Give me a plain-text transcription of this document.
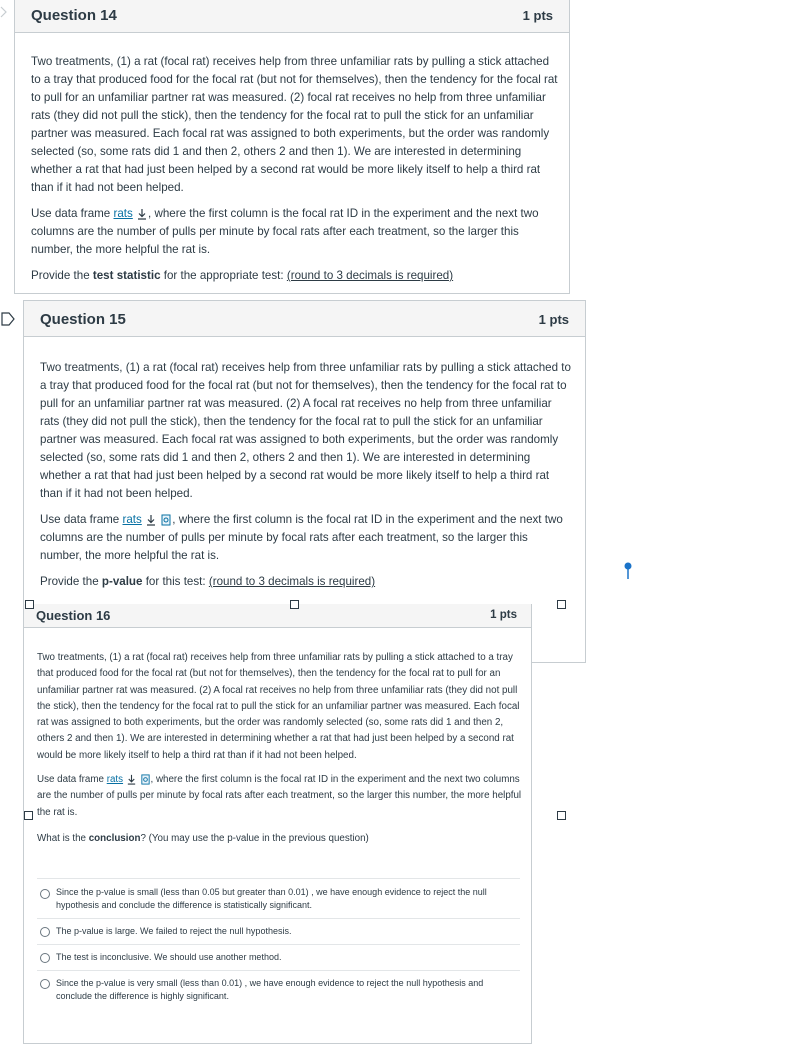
Question 14	1 pts

Two treatments, (1) a rat (focal rat) receives help from three unfamiliar rats by pulling a stick attached to a tray that produced food for the focal rat (but not for themselves), then the tendency for the focal rat to pull for an unfamiliar partner rat was measured. (2) focal rat receives no help from three unfamiliar rats (they did not pull the stick), then the tendency for the focal rat to pull the stick for an unfamiliar partner was measured. Each focal rat was assigned to both experiments, but the order was randomly selected (so, some rats did 1 and then 2, others 2 and then 1). We are interested in determining whether a rat that had just been helped by a second rat would be more likely itself to help a third rat than if it had not been helped.

Use data frame rats , where the first column is the focal rat ID in the experiment and the next two columns are the number of pulls per minute by focal rats after each treatment, so the larger this number, the more helpful the rat is.

Provide the test statistic for the appropriate test: (round to 3 decimals is required)

Question 15	1 pts

Two treatments, (1) a rat (focal rat) receives help from three unfamiliar rats by pulling a stick attached to a tray that produced food for the focal rat (but not for themselves), then the tendency for the focal rat to pull for an unfamiliar partner rat was measured. (2) A focal rat receives no help from three unfamiliar rats (they did not pull the stick), then the tendency for the focal rat to pull the stick for an unfamiliar partner was measured. Each focal rat was assigned to both experiments, but the order was randomly selected (so, some rats did 1 and then 2, others 2 and then 1). We are interested in determining whether a rat that had just been helped by a second rat would be more likely itself to help a third rat than if it had not been helped.

Use data frame rats	, where the first column is the focal rat ID in the experiment and the next two columns are the number of pulls per minute by focal rats after each treatment, so the larger this number, the more helpful the rat is.

Provide the p-value for this test: (round to 3 decimals is required)

Question 16	1 pts

Two treatments, (1) a rat (focal rat) receives help from three unfamiliar rats by pulling a stick attached to a tray that produced food for the focal rat (but not for themselves), then the tendency for the focal rat to pull for an unfamiliar partner rat was measured. (2) A focal rat receives no help from three unfamiliar rats (they did not pull the stick), then the tendency for the focal rat to pull the stick for an unfamiliar partner was measured. Each focal rat was assigned to both experiments, but the order was randomly selected (so, some rats did 1 and then 2, others 2 and then 1). We are interested in determining whether a rat that had just been helped by a second rat would be more likely itself to help a third rat than if it had not been helped.

Use data frame rats	, where the first column is the focal rat ID in the experiment and the next two columns are the number of pulls per minute by focal rats after each treatment, so the larger this number, the more helpful the rat is.

What is the conclusion? (You may use the p-value in the previous question)

Since the p-value is small (less than 0.05 but greater than 0.01) , we have enough evidence to reject the null hypothesis and conclude the difference is statistically significant.
The p-value is large. We failed to reject the null hypothesis.
The test is inconclusive. We should use another method.
Since the p-value is very small (less than 0.01) , we have enough evidence to reject the null hypothesis and conclude the difference is highly significant.
